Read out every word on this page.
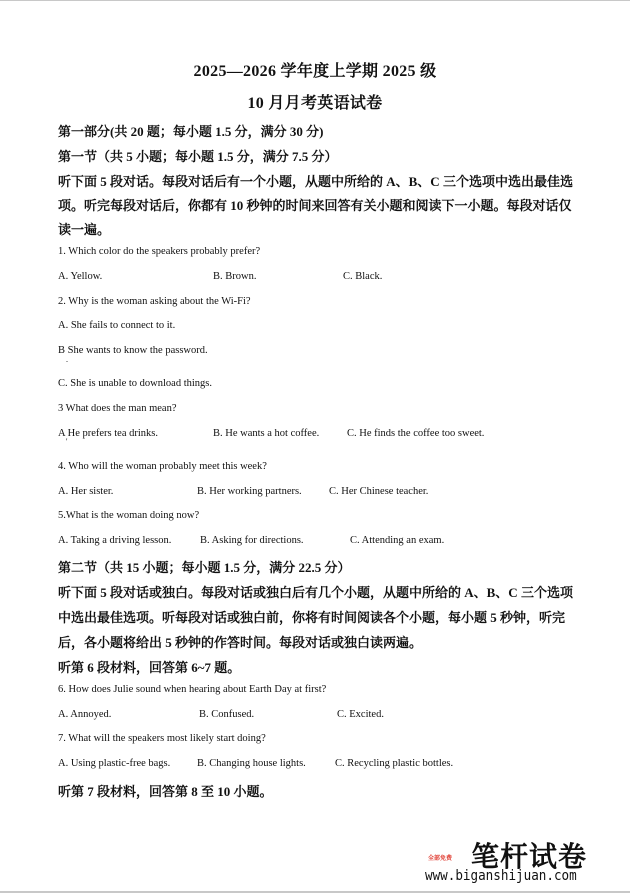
2025—2026 学年度上学期 2025 级
10 月月考英语试卷
第一部分(共 20 题；每小题 1.5 分，满分 30 分)
第一节（共 5 小题；每小题 1.5 分，满分 7.5 分）
听下面 5 段对话。每段对话后有一个小题，从题中所给的 A、B、C 三个选项中选出最佳选
项。听完每段对话后，你都有 10 秒钟的时间来回答有关小题和阅读下一小题。每段对话仅
读一遍。
1. Which color do the speakers probably prefer?
A. Yellow.	B. Brown.	C. Black.
2. Why is the woman asking about the Wi-Fi?
A. She fails to connect to it.
B She wants to know the password.
.
C. She is unable to download things.
3 What does the man mean?
A He prefers tea drinks.
'
B. He wants a hot coffee.	C. He finds the coffee too sweet.
4. Who will the woman probably meet this week?
A. Her sister.	B. Her working partners.	C. Her Chinese teacher.
5.What is the woman doing now?
A. Taking a driving lesson.	B. Asking for directions.	C. Attending an exam.
第二节（共 15 小题；每小题 1.5 分，满分 22.5 分）
听下面 5 段对话或独白。每段对话或独白后有几个小题，从题中所给的 A、B、C 三个选项
中选出最佳选项。听每段对话或独白前，你将有时间阅读各个小题，每小题 5 秒钟，听完
后，各小题将给出 5 秒钟的作答时间。每段对话或独白读两遍。
听第 6 段材料，回答第 6~7 题。
6. How does Julie sound when hearing about Earth Day at first?
A. Annoyed.	B. Confused.	C. Excited.
7. What will the speakers most likely start doing?
A. Using plastic-free bags.	B. Changing house lights.	C. Recycling plastic bottles.
听第 7 段材料，回答第 8 至 10 小题。
笔杆试卷
全部免费
www.biganshijuan.com
